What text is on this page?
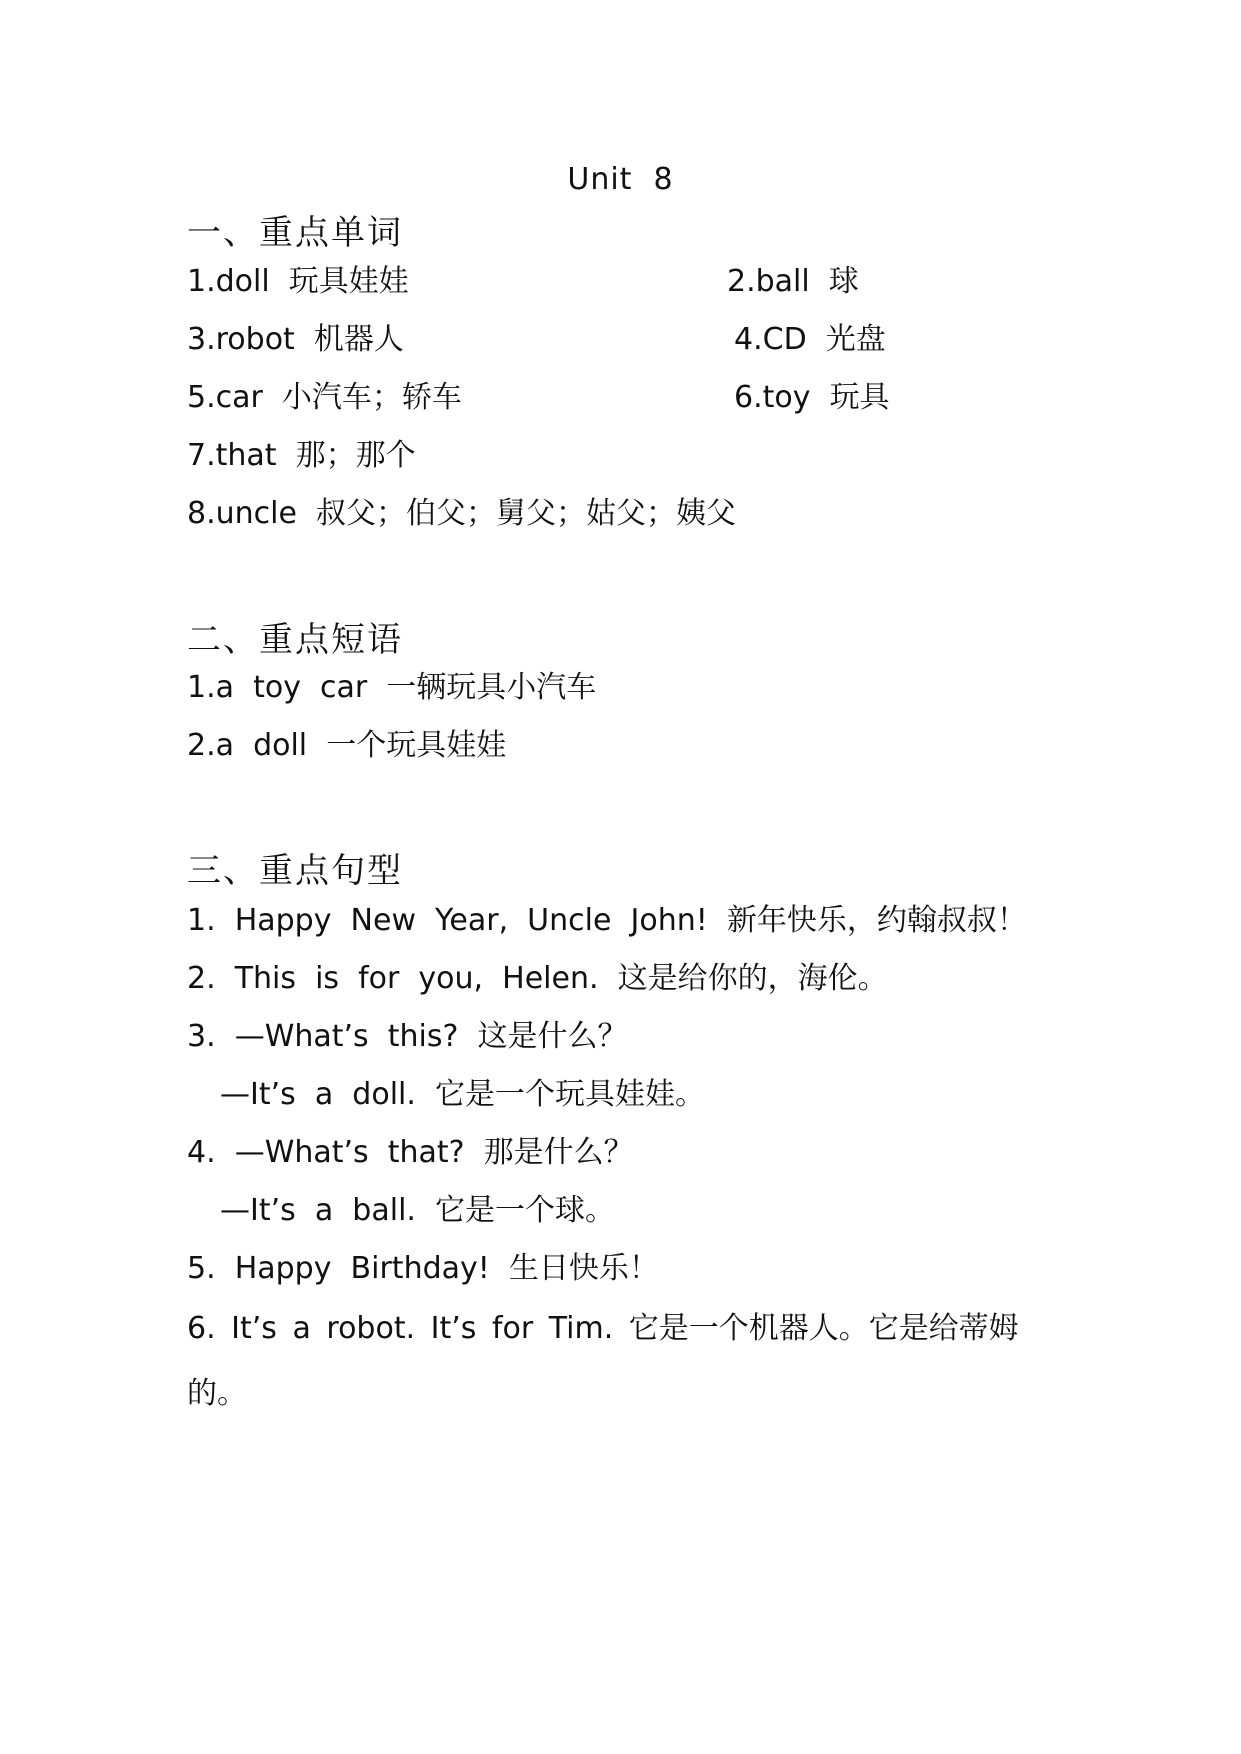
Unit  8
一、重点单词
1.doll  玩具娃娃	2.ball  球
3.robot  机器人	4.CD  光盘
5.car  小汽车；轿车	6.toy  玩具
7.that  那；那个
8.uncle  叔父；伯父；舅父；姑父；姨父
二、重点短语
1.a  toy  car  一辆玩具小汽车
2.a  doll  一个玩具娃娃
三、重点句型
1.  Happy  New  Year,  Uncle  John!  新年快乐，约翰叔叔！
2.  This  is  for  you,  Helen.  这是给你的，海伦。
3.  —What’s  this?  这是什么？
—It’s  a  doll.  它是一个玩具娃娃。
4.  —What’s  that?  那是什么？
—It’s  a  ball.  它是一个球。
5.  Happy  Birthday!  生日快乐！
6. It’s a robot. It’s for Tim. 它是一个机器人。它是给蒂姆的。
